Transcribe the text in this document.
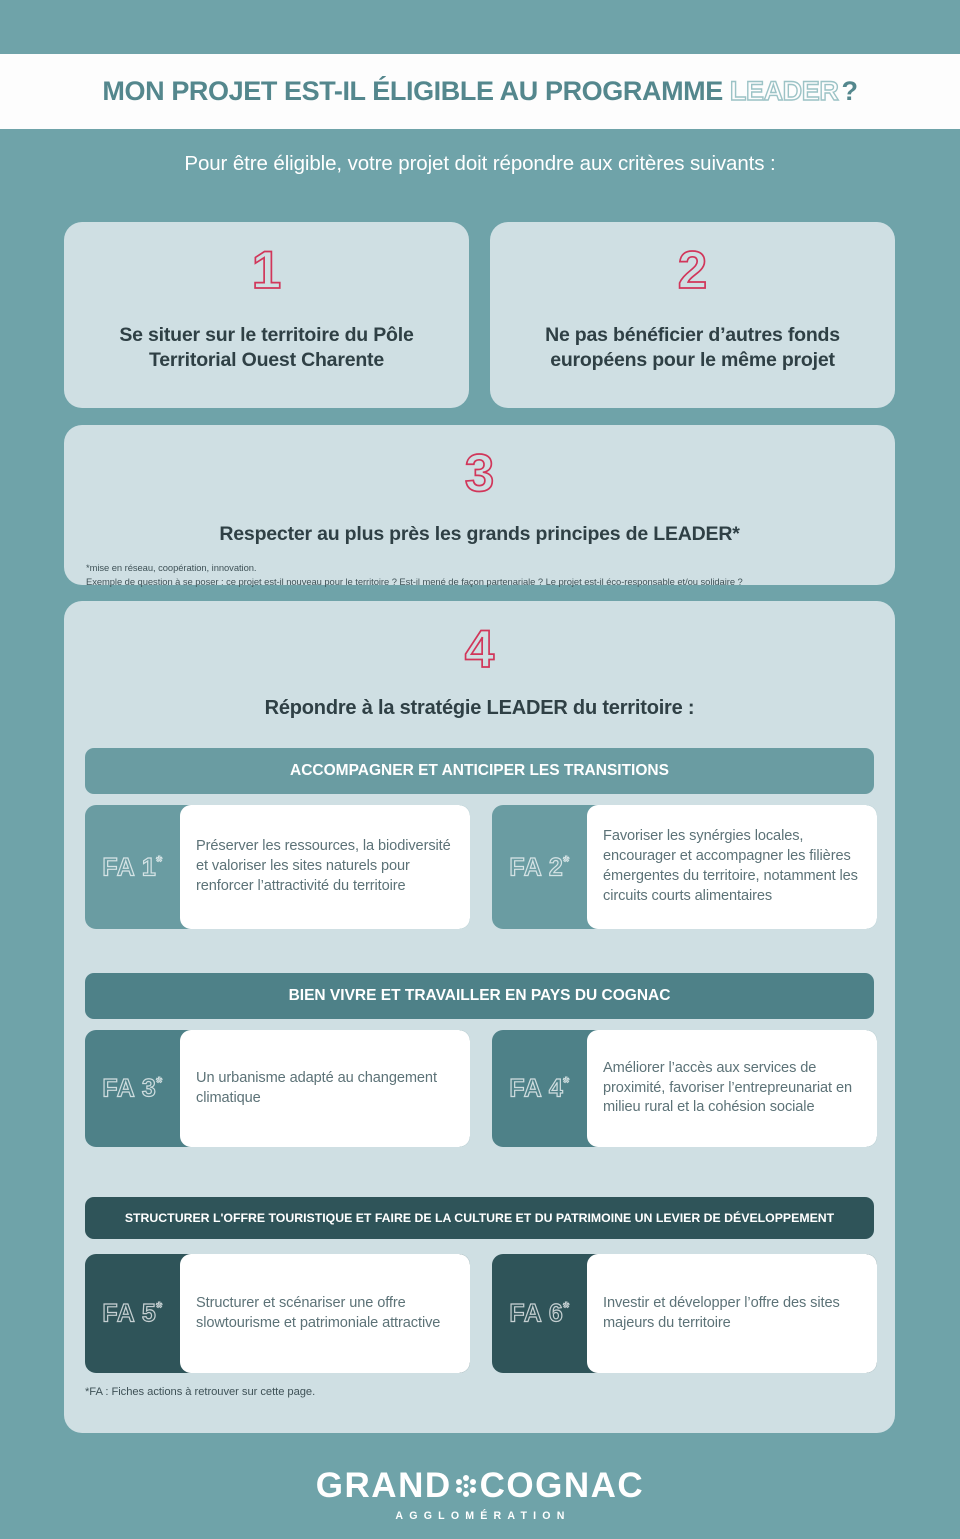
MON PROJET EST-IL ÉLIGIBLE AU PROGRAMME LEADER ?
Pour être éligible, votre projet doit répondre aux critères suivants :
1
Se situer sur le territoire du Pôle Territorial Ouest Charente
2
Ne pas bénéficier d’autres fonds européens pour le même projet
3
Respecter au plus près les grands principes de LEADER*
*mise en réseau, coopération, innovation.
Exemple de question à se poser : ce projet est-il nouveau pour le territoire ? Est-il mené de façon partenariale ? Le projet est-il éco-responsable et/ou solidaire ?
4
Répondre à la stratégie LEADER du territoire :
ACCOMPAGNER ET ANTICIPER LES TRANSITIONS
FA 1*
Préserver les ressources, la biodiversité et valoriser les sites naturels pour renforcer l’attractivité du territoire
FA 2*
Favoriser les synérgies locales, encourager et accompagner les filières émergentes du territoire, notamment les circuits courts alimentaires
BIEN VIVRE ET TRAVAILLER EN PAYS DU COGNAC
FA 3* Un urbanisme adapté au changement climatique	FA 4*
Améliorer l’accès aux services de proximité, favoriser l’entrepreunariat en milieu rural et la cohésion sociale
STRUCTURER L'OFFRE TOURISTIQUE ET FAIRE DE LA CULTURE ET DU PATRIMOINE UN LEVIER DE DÉVELOPPEMENT
FA 5* Structurer et scénariser une offre slowtourisme et patrimoniale attractive	FA 6* Investir et développer l’offre des sites majeurs du territoire
*FA : Fiches actions à retrouver sur cette page.
GRAND COGNAC
AGGLOMÉRATION
